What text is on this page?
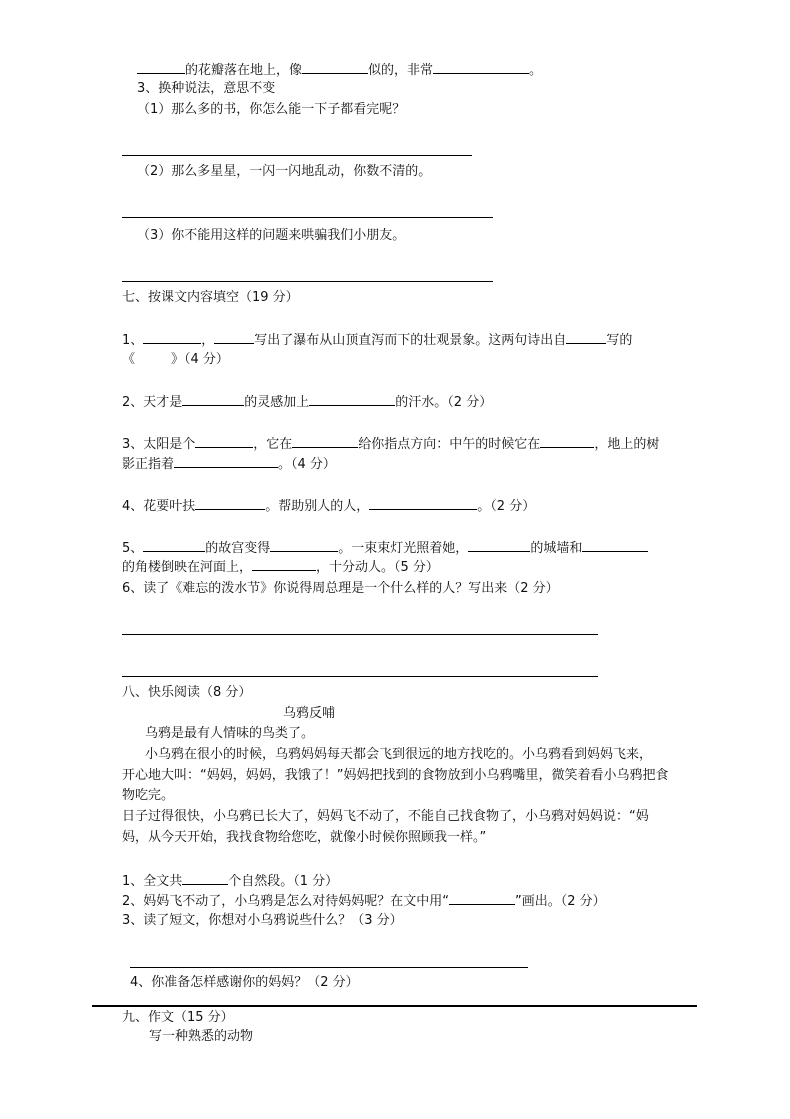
的花瓣落在地上，像	似的，非常	。
3、换种说法，意思不变
（1）那么多的书，你怎么能一下子都看完呢？
（2）那么多星星，一闪一闪地乱动，你数不清的。
（3）你不能用这样的问题来哄骗我们小朋友。
七、按课文内容填空（19 分）
1、	，	写出了瀑布从山顶直泻而下的壮观景象。这两句诗出自	写的
《	》（4 分）
2、天才是	的灵感加上	的汗水。（2 分）
3、太阳是个	，它在	给你指点方向：中午的时候它在	，地上的树
影正指着	。（4 分）
4、花要叶扶	。帮助别人的人，	。（2 分）
5、	的故宫变得	。一束束灯光照着她，	的城墙和
的角楼倒映在河面上，	，十分动人。（5 分）
6、读了《难忘的泼水节》你说得周总理是一个什么样的人？写出来（2 分）
八、快乐阅读（8 分）
乌鸦反哺
乌鸦是最有人情味的鸟类了。
小乌鸦在很小的时候，乌鸦妈妈每天都会飞到很远的地方找吃的。小乌鸦看到妈妈飞来，
开心地大叫：“妈妈，妈妈，我饿了！”妈妈把找到的食物放到小乌鸦嘴里，微笑着看小乌鸦把食
物吃完。
日子过得很快，小乌鸦已长大了，妈妈飞不动了，不能自己找食物了，小乌鸦对妈妈说：“妈
妈，从今天开始，我找食物给您吃，就像小时候你照顾我一样。”
1、全文共	个自然段。（1 分）
2、妈妈飞不动了，小乌鸦是怎么对待妈妈呢？在文中用“	”画出。（2 分）
3、读了短文，你想对小乌鸦说些什么？（3 分）
4、你准备怎样感谢你的妈妈？（2 分）
九、作文（15 分）
写一种熟悉的动物
